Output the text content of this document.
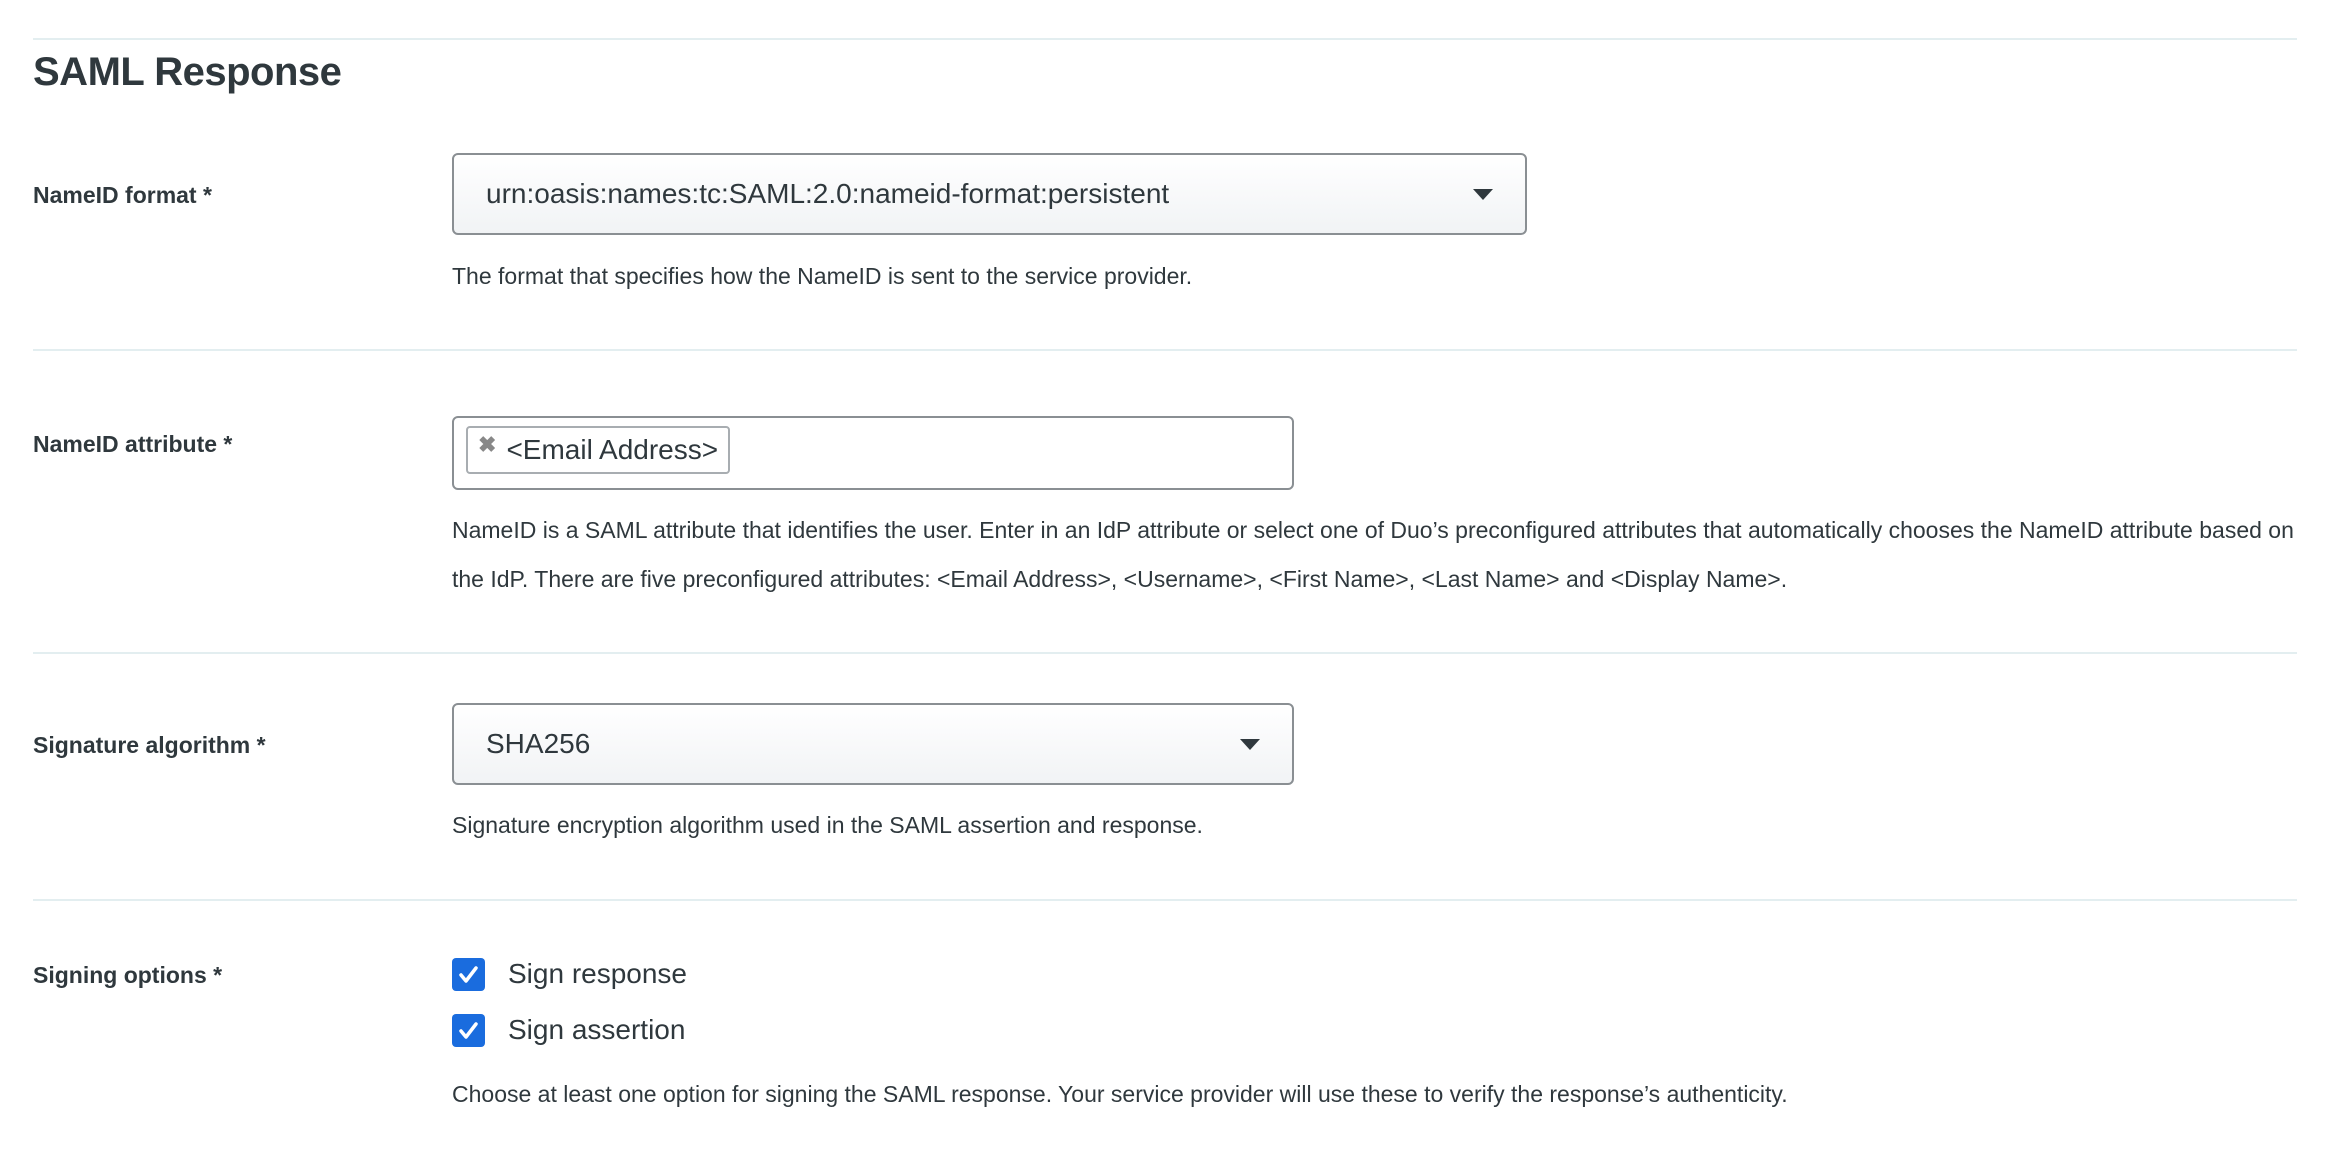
SAML Response
NameID format *	urn:oasis:names:tc:SAML:2.0:nameid-format:persistent
The format that specifies how the NameID is sent to the service provider.
NameID attribute *	✖ <Email Address>
NameID is a SAML attribute that identifies the user. Enter in an IdP attribute or select one of Duo’s preconfigured attributes that automatically chooses the NameID attribute based on the IdP. There are five preconfigured attributes: <Email Address>, <Username>, <First Name>, <Last Name> and <Display Name>.
Signature algorithm *	SHA256
Signature encryption algorithm used in the SAML assertion and response.
Signing options *	Sign response
Sign assertion
Choose at least one option for signing the SAML response. Your service provider will use these to verify the response’s authenticity.
